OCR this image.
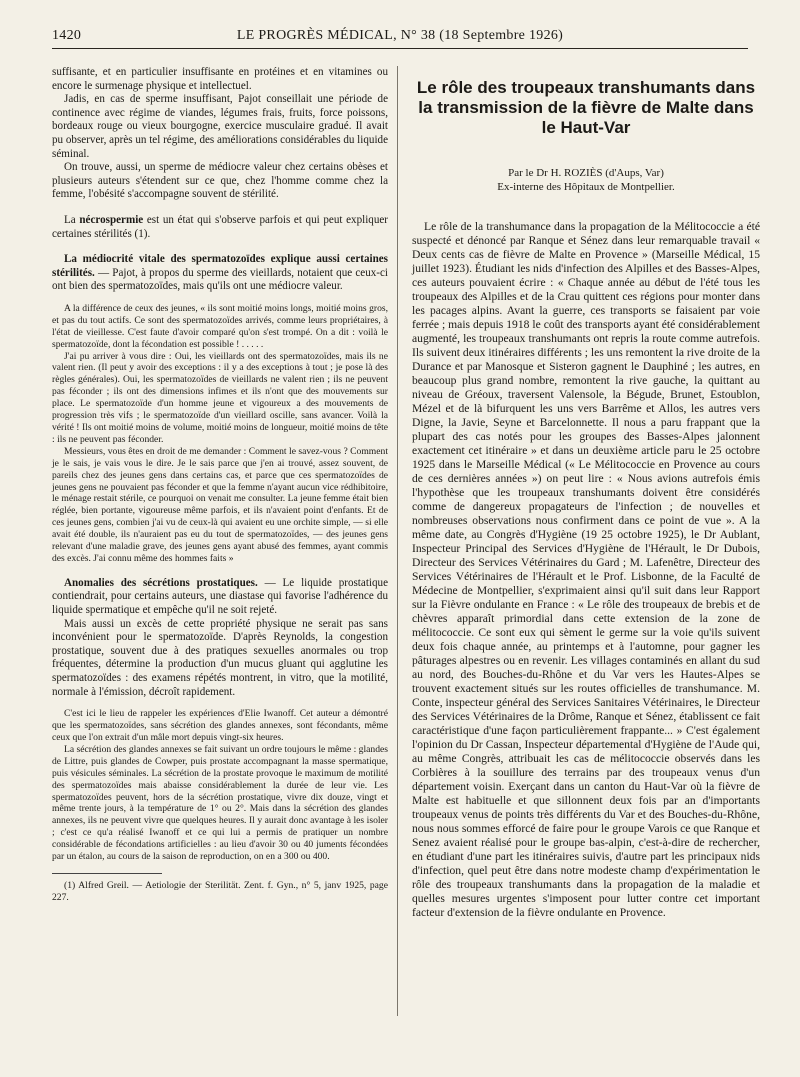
1420	LE PROGRÈS MÉDICAL, N° 38 (18 Septembre 1926)

suffisante, et en particulier insuffisante en protéines et en vitamines ou encore le surmenage physique et intellectuel.

Jadis, en cas de sperme insuffisant, Pajot conseillait une période de continence avec régime de viandes, légumes frais, fruits, force poissons, bordeaux rouge ou vieux bourgogne, exercice musculaire gradué. Il avait pu observer, après un tel régime, des améliorations considérables du liquide séminal.

On trouve, aussi, un sperme de médiocre valeur chez certains obèses et plusieurs auteurs s'étendent sur ce que, chez l'homme comme chez la femme, l'obésité s'accompagne souvent de stérilité.

La nécrospermie est un état qui s'observe parfois et qui peut expliquer certaines stérilités (1).

La médiocrité vitale des spermatozoïdes explique aussi certaines stérilités. — Pajot, à propos du sperme des vieillards, notaient que ceux-ci ont bien des spermatozoïdes, mais qu'ils ont une médiocre valeur.

A la différence de ceux des jeunes, « ils sont moitié moins longs, moitié moins gros, et pas du tout actifs. Ce sont des spermatozoïdes arrivés, comme leurs propriétaires, à l'état de vieillesse. C'est faute d'avoir comparé qu'on s'est trompé. On a dit : voilà le spermatozoïde, dont la fécondation est possible ! . . . . .

J'ai pu arriver à vous dire : Oui, les vieillards ont des spermatozoïdes, mais ils ne valent rien. (Il peut y avoir des exceptions : il y a des exceptions à tout ; je pose là des règles générales). Oui, les spermatozoïdes de vieillards ne valent rien ; ils ne peuvent pas féconder ; ils ont des dimensions infimes et ils n'ont que des mouvements sur place. Le spermatozoïde d'un homme jeune et vigoureux a des mouvements de progression très vifs ; le spermatozoïde d'un vieillard oscille, sans avancer. Voilà la vérité ! Ils ont moitié moins de volume, moitié moins de longueur, moitié moins de tête : ils ne peuvent pas féconder.

Messieurs, vous êtes en droit de me demander : Comment le savez-vous ? Comment je le sais, je vais vous le dire. Je le sais parce que j'en ai trouvé, assez souvent, de pareils chez des jeunes gens dans certains cas, et parce que ces spermatozoïdes de jeunes gens ne pouvaient pas féconder et que la femme n'ayant aucun vice rédhibitoire, le ménage restait stérile, ce pourquoi on venait me consulter. La jeune femme était bien réglée, bien portante, vigoureuse même parfois, et ils n'avaient point d'enfants. Et de ces jeunes gens, combien j'ai vu de ceux-là qui avaient eu une orchite simple, — si elle avait été double, ils n'auraient pas eu du tout de spermatozoïdes, — des jeunes gens relevant d'une maladie grave, des jeunes gens ayant abusé des femmes, ayant commis des excès. J'ai connu même des hommes faits »

Anomalies des sécrétions prostatiques. — Le liquide prostatique contiendrait, pour certains auteurs, une diastase qui favorise l'adhérence du liquide spermatique et empêche qu'il ne soit rejeté.

Mais aussi un excès de cette propriété physique ne serait pas sans inconvénient pour le spermatozoïde. D'après Reynolds, la congestion prostatique, souvent due à des pratiques sexuelles anormales ou trop fréquentes, détermine la production d'un mucus gluant qui agglutine les spermatozoïdes : des examens répétés montrent, in vitro, que la motilité, normale à l'émission, décroît rapidement.

C'est ici le lieu de rappeler les expériences d'Elie Iwanoff. Cet auteur a démontré que les spermatozoïdes, sans sécrétion des glandes annexes, sont fécondants, même ceux que l'on extrait d'un mâle mort depuis vingt-six heures.

La sécrétion des glandes annexes se fait suivant un ordre toujours le même : glandes de Littre, puis glandes de Cowper, puis prostate accompagnant la masse spermatique, puis vésicules séminales. La sécrétion de la prostate provoque le maximum de motilité des spermatozoïdes mais abaisse considérablement la durée de leur vie. Les spermatozoïdes peuvent, hors de la sécrétion prostatique, vivre dix douze, vingt et même trente jours, à la température de 1° ou 2°. Mais dans la sécrétion des glandes annexes, ils ne peuvent vivre que quelques heures. Il y aurait donc avantage à les isoler ; c'est ce qu'a réalisé Iwanoff et ce qui lui a permis de pratiquer un nombre considérable de fécondations artificielles : au lieu d'avoir 30 ou 40 juments fécondées par un étalon, au cours de la saison de reproduction, on en a 300 ou 400.

(1) Alfred Greil. — Aetiologie der Sterilität. Zent. f. Gyn., n° 5, janv 1925, page 227.

Le rôle des troupeaux transhumants dans la transmission de la fièvre de Malte dans le Haut-Var
Par le Dr H. ROZIÈS (d'Aups, Var)
Ex-interne des Hôpitaux de Montpellier.

Le rôle de la transhumance dans la propagation de la Mélitococcie a été suspecté et dénoncé par Ranque et Sénez dans leur remarquable travail « Deux cents cas de fièvre de Malte en Provence » (Marseille Médical, 15 juillet 1923). Étudiant les nids d'infection des Alpilles et des Basses-Alpes, ces auteurs pouvaient écrire : « Chaque année au début de l'été tous les troupeaux des Alpilles et de la Crau quittent ces régions pour monter dans les pacages alpins. Avant la guerre, ces transports se faisaient par voie ferrée ; mais depuis 1918 le coût des transports ayant été considérablement augmenté, les troupeaux transhumants ont repris la route comme autrefois. Ils suivent deux itinéraires différents ; les uns remontent la rive droite de la Durance et par Manosque et Sisteron gagnent le Dauphiné ; les autres, en beaucoup plus grand nombre, remontent la rive gauche, la quittant au niveau de Gréoux, traversent Valensole, la Bégude, Brunet, Estoublon, Mézel et de là bifurquent les uns vers Barrême et Allos, les autres vers Digne, la Javie, Seyne et Barcelonnette. Il nous a paru frappant que la plupart des cas notés pour les groupes des Basses-Alpes jalonnent exactement cet itinéraire » et dans un deuxième article paru le 25 octobre 1925 dans le Marseille Médical (« Le Mélitococcie en Provence au cours de ces dernières années ») on peut lire : « Nous avions autrefois émis l'hypothèse que les troupeaux transhumants doivent être considérés comme de dangereux propagateurs de l'infection ; de nouvelles et nombreuses observations nous confirment dans ce point de vue ». A la même date, au Congrès d'Hygiène (19 25 octobre 1925), le Dr Aublant, Inspecteur Principal des Services d'Hygiène de l'Hérault, le Dr Dubois, Directeur des Services Vétérinaires du Gard ; M. Lafenêtre, Directeur des Services Vétérinaires de l'Hérault et le Prof. Lisbonne, de la Faculté de Médecine de Montpellier, s'exprimaient ainsi qu'il suit dans leur Rapport sur la Fièvre ondulante en France : « Le rôle des troupeaux de brebis et de chèvres apparaît primordial dans cette extension de la zone de mélitococcie. Ce sont eux qui sèment le germe sur la voie qu'ils suivent deux fois chaque année, au printemps et à l'automne, pour gagner les pâturages alpestres ou en revenir. Les villages contaminés en allant du sud au nord, des Bouches-du-Rhône et du Var vers les Hautes-Alpes se trouvent exactement situés sur les routes officielles de transhumance. M. Conte, inspecteur général des Services Sanitaires Vétérinaires, le Directeur des Services Vétérinaires de la Drôme, Ranque et Sénez, établissent ce fait caractéristique d'une façon particulièrement frappante... » C'est également l'opinion du Dr Cassan, Inspecteur départemental d'Hygiène de l'Aude qui, au même Congrès, attribuait les cas de mélitococcie observés dans les Corbières à la souillure des terrains par des troupeaux venus d'un département voisin. Exerçant dans un canton du Haut-Var où la fièvre de Malte est habituelle et que sillonnent deux fois par an d'importants troupeaux venus de points très différents du Var et des Bouches-du-Rhône, nous nous sommes efforcé de faire pour le groupe Varois ce que Ranque et Senez avaient réalisé pour le groupe bas-alpin, c'est-à-dire de rechercher, en étudiant d'une part les itinéraires suivis, d'autre part les principaux nids d'infection, quel peut être dans notre modeste champ d'expérimentation le rôle des troupeaux transhumants dans la propagation de la maladie et quelles mesures urgentes s'imposent pour lutter contre cet important facteur d'extension de la fièvre ondulante en Provence.
